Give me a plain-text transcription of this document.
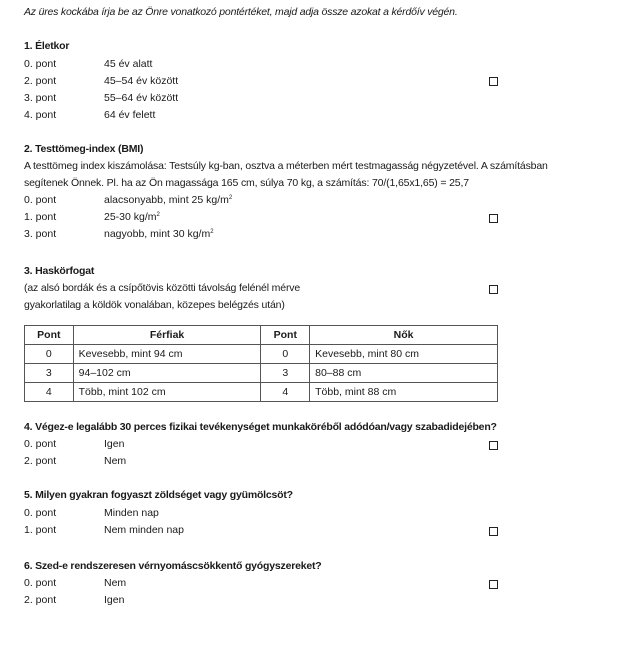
Az üres kockába írja be az Önre vonatkozó pontértéket, majd adja össze azokat a kérdőív végén.
1. Életkor
0. pont	45 év alatt
2. pont	45–54 év között
3. pont	55–64 év között
4. pont	64 év felett
2. Testtömeg-index (BMI)
A testtömeg index kiszámolása: Testsúly kg-ban, osztva a méterben mért testmagasság négyzetével. A számításban
segítenek Önnek. Pl. ha az Ön magassága 165 cm, súlya 70 kg, a számítás: 70/(1,65x1,65) = 25,7
0. pont	alacsonyabb, mint 25 $kg/m^2$
1. pont	25-30 $kg/m^2$
3. pont	nagyobb, mint 30 $kg/m^2$
3. Haskörfogat
(az alsó bordák és a csípőtövis közötti távolság felénél mérve
gyakorlatilag a köldök vonalában, közepes belégzés után)
Pont	Férfiak	Pont	Nők
0	Kevesebb, mint 94 cm	0	Kevesebb, mint 80 cm
3	94–102 cm	3	80–88 cm
4	Több, mint 102 cm	4	Több, mint 88 cm
4. Végez-e legalább 30 perces fizikai tevékenységet munkaköréből adódóan/vagy szabadidejében?
0. pont	Igen
2. pont	Nem
5. Milyen gyakran fogyaszt zöldséget vagy gyümölcsöt?
0. pont	Minden nap
1. pont	Nem minden nap
6. Szed-e rendszeresen vérnyomáscsökkentő gyógyszereket?
0. pont	Nem
2. pont	Igen
